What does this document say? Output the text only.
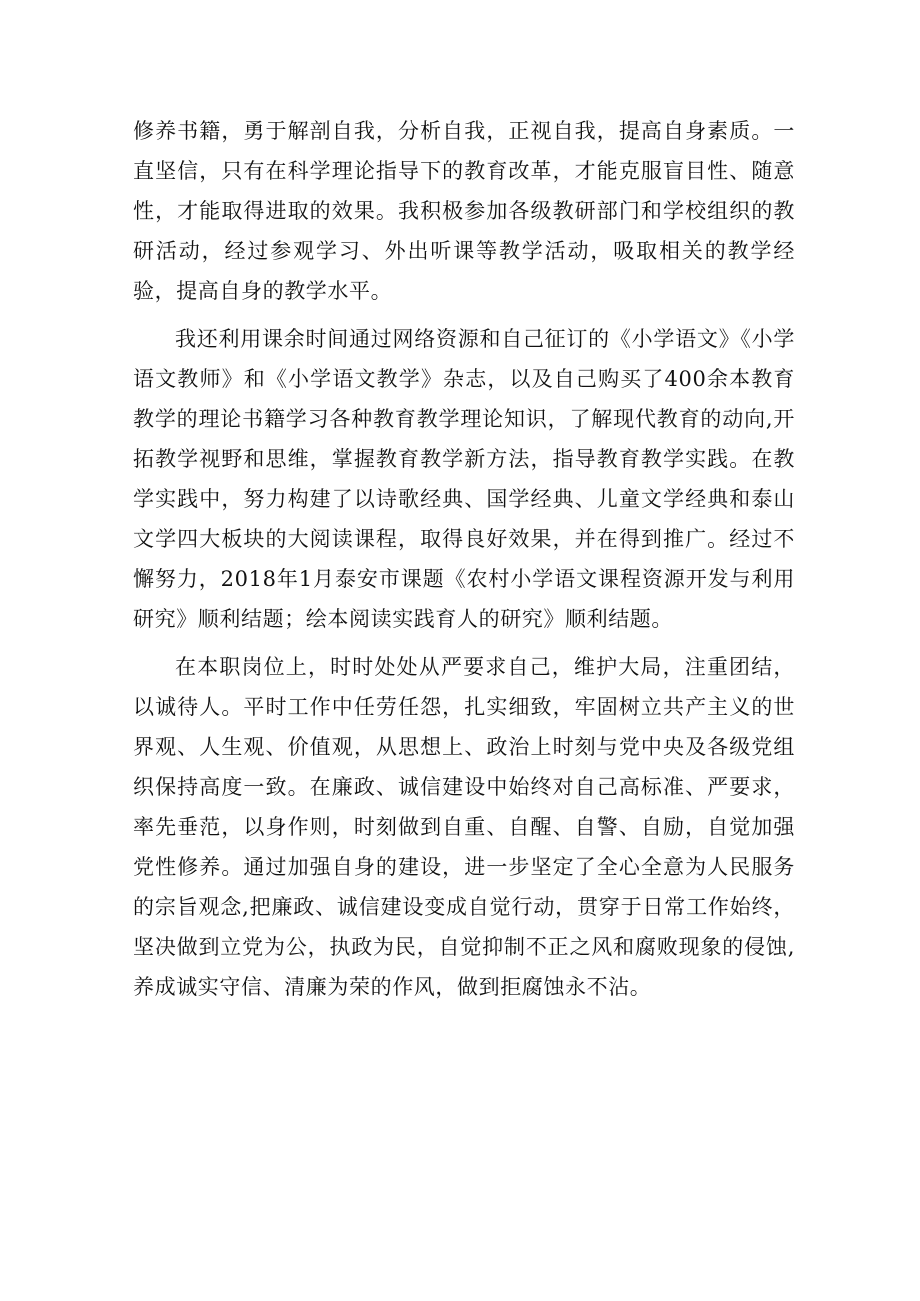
修养书籍，勇于解剖自我，分析自我，正视自我，提高自身素质。一直坚信，只有在科学理论指导下的教育改革，才能克服盲目性、随意性，才能取得进取的效果。我积极参加各级教研部门和学校组织的教研活动，经过参观学习、外出听课等教学活动，吸取相关的教学经验，提高自身的教学水平。

我还利用课余时间通过网络资源和自己征订的《小学语文》《小学语文教师》和《小学语文教学》杂志，以及自己购买了400余本教育教学的理论书籍学习各种教育教学理论知识，了解现代教育的动向,开拓教学视野和思维，掌握教育教学新方法，指导教育教学实践。在教学实践中，努力构建了以诗歌经典、国学经典、儿童文学经典和泰山文学四大板块的大阅读课程，取得良好效果，并在得到推广。经过不懈努力，2018年1月泰安市课题《农村小学语文课程资源开发与利用研究》顺利结题；绘本阅读实践育人的研究》顺利结题。

在本职岗位上，时时处处从严要求自己，维护大局，注重团结，以诚待人。平时工作中任劳任怨，扎实细致，牢固树立共产主义的世界观、人生观、价值观，从思想上、政治上时刻与党中央及各级党组织保持高度一致。在廉政、诚信建设中始终对自己高标准、严要求，率先垂范，以身作则，时刻做到自重、自醒、自警、自励，自觉加强党性修养。通过加强自身的建设，进一步坚定了全心全意为人民服务的宗旨观念,把廉政、诚信建设变成自觉行动，贯穿于日常工作始终，坚决做到立党为公，执政为民，自觉抑制不正之风和腐败现象的侵蚀,养成诚实守信、清廉为荣的作风，做到拒腐蚀永不沾。
